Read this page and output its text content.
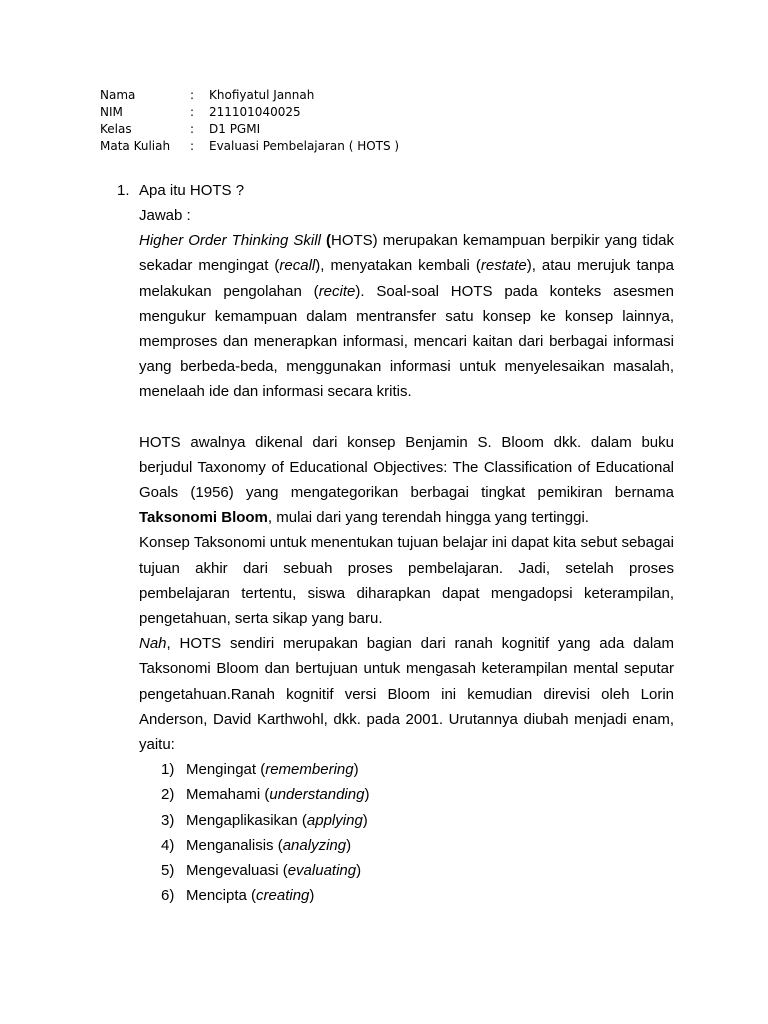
Nama	:	Khofiyatul Jannah
NIM	:	211101040025
Kelas	:	D1 PGMI
Mata Kuliah	:	Evaluasi Pembelajaran ( HOTS )
1. Apa itu HOTS ?

Jawab :

Higher Order Thinking Skill (HOTS) merupakan kemampuan berpikir yang tidak sekadar mengingat (recall), menyatakan kembali (restate), atau merujuk tanpa melakukan pengolahan (recite). Soal-soal HOTS pada konteks asesmen mengukur kemampuan dalam mentransfer satu konsep ke konsep lainnya, memproses dan menerapkan informasi, mencari kaitan dari berbagai informasi yang berbeda-beda, menggunakan informasi untuk menyelesaikan masalah, menelaah ide dan informasi secara kritis.

HOTS awalnya dikenal dari konsep Benjamin S. Bloom dkk. dalam buku berjudul Taxonomy of Educational Objectives: The Classification of Educational Goals (1956) yang mengategorikan berbagai tingkat pemikiran bernama Taksonomi Bloom, mulai dari yang terendah hingga yang tertinggi.

Konsep Taksonomi untuk menentukan tujuan belajar ini dapat kita sebut sebagai tujuan akhir dari sebuah proses pembelajaran. Jadi, setelah proses pembelajaran tertentu, siswa diharapkan dapat mengadopsi keterampilan, pengetahuan, serta sikap yang baru.

Nah, HOTS sendiri merupakan bagian dari ranah kognitif yang ada dalam Taksonomi Bloom dan bertujuan untuk mengasah keterampilan mental seputar pengetahuan.Ranah kognitif versi Bloom ini kemudian direvisi oleh Lorin Anderson, David Karthwohl, dkk. pada 2001. Urutannya diubah menjadi enam, yaitu:

1) Mengingat (remembering)
2) Memahami (understanding)
3) Mengaplikasikan (applying)
4) Menganalisis (analyzing)
5) Mengevaluasi (evaluating)
6) Mencipta (creating)
